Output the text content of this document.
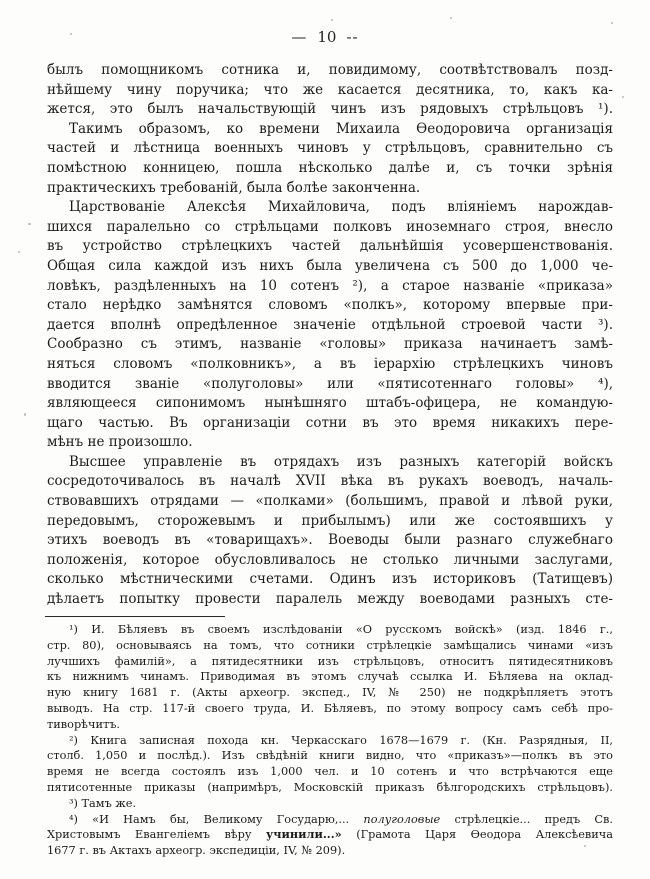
— 10 --
былъ помощникомъ сотника и, повидимому, соотвѣтствовалъ позд-
нѣйшему чину поручика; что же касается десятника, то, какъ ка-
жется, это былъ начальствующій чинъ изъ рядовыхъ стрѣльцовъ ¹).
Такимъ образомъ, ко времени Михаила Ѳеодоровича организація
частей и лѣстница военныхъ чиновъ у стрѣльцовъ, сравнительно съ
помѣстною конницею, пошла нѣсколько далѣе и, съ точки зрѣнія
практическихъ требованій, была болѣе законченна.
Царствованіе Алексѣя Михайловича, подъ вліяніемъ нарождав-
шихся паралельно со стрѣльцами полковъ иноземнаго строя, внесло
въ устройство стрѣлецкихъ частей дальнѣйшія усовершенствованія.
Общая сила каждой изъ нихъ была увеличена съ 500 до 1,000 че-
ловѣкъ, раздѣленныхъ на 10 сотенъ ²), а старое названіе «приказа»
стало нерѣдко замѣнятся словомъ «полкъ», которому впервые при-
дается вполнѣ опредѣленное значеніе отдѣльной строевой части ³).
Сообразно съ этимъ, названіе «головы» приказа начинаетъ замѣ-
няться словомъ «полковникъ», а въ іерархію стрѣлецкихъ чиновъ
вводится званіе «полуголовы» или «пятисотеннаго головы» ⁴),
являющееся сипонимомъ нынѣшняго штабъ-офицера, не командую-
щаго частью. Въ организаціи сотни въ это время никакихъ пере-
мѣнъ не произошло.
Высшее управленіе въ отрядахъ изъ разныхъ категорій войскъ
сосредоточивалось въ началѣ XVII вѣка въ рукахъ воеводъ, началь-
ствовавшихъ отрядами — «полками» (большимъ, правой и лѣвой руки,
передовымъ, сторожевымъ и прибылымъ) или же состоявшихъ у
этихъ воеводъ въ «товарищахъ». Воеводы были разнаго служебнаго
положенія, которое обусловливалось не столько личными заслугами,
сколько мѣстническими счетами. Одинъ изъ историковъ (Татищевъ)
дѣлаетъ попытку провести паралель между воеводами разныхъ сте-
¹) И. Бѣляевъ въ своемъ изслѣдованіи «О русскомъ войскѣ» (изд. 1846 г.,
стр. 80), основываясь на томъ, что сотники стрѣлецкіе замѣщались чинами «изъ
лучшихъ фамилій», а пятидесятники изъ стрѣльцовъ, относитъ пятидесятниковъ
къ нижнимъ чинамъ. Приводимая въ этомъ случаѣ ссылка И. Бѣляева на оклад-
ную книгу 1681 г. (Акты археогр. экспед., IV, № 250) не подкрѣпляетъ этотъ
выводъ. На стр. 117-й своего труда, И. Бѣляевъ, по этому вопросу самъ себѣ про-
тиворѣчитъ.
²) Книга записная похода кн. Черкасскаго 1678—1679 г. (Кн. Разрядныя, II,
столб. 1,050 и послѣд.). Изъ свѣдѣній книги видно, что «приказъ»—полкъ въ это
время не всегда состоялъ изъ 1,000 чел. и 10 сотенъ и что встрѣчаются еще
пятисотенные приказы (напримѣръ, Московскій приказъ бѣлгородскихъ стрѣльцовъ).
³) Тамъ же.
⁴) «И Намъ бы, Великому Государю,... полуголовые стрѣлецкіе... предъ Св.
Христовымъ Евангеліемъ вѣру учинили...» (Грамота Царя Ѳеодора Алексѣевича
1677 г. въ Актахъ археогр. экспедиціи, IV, № 209).
